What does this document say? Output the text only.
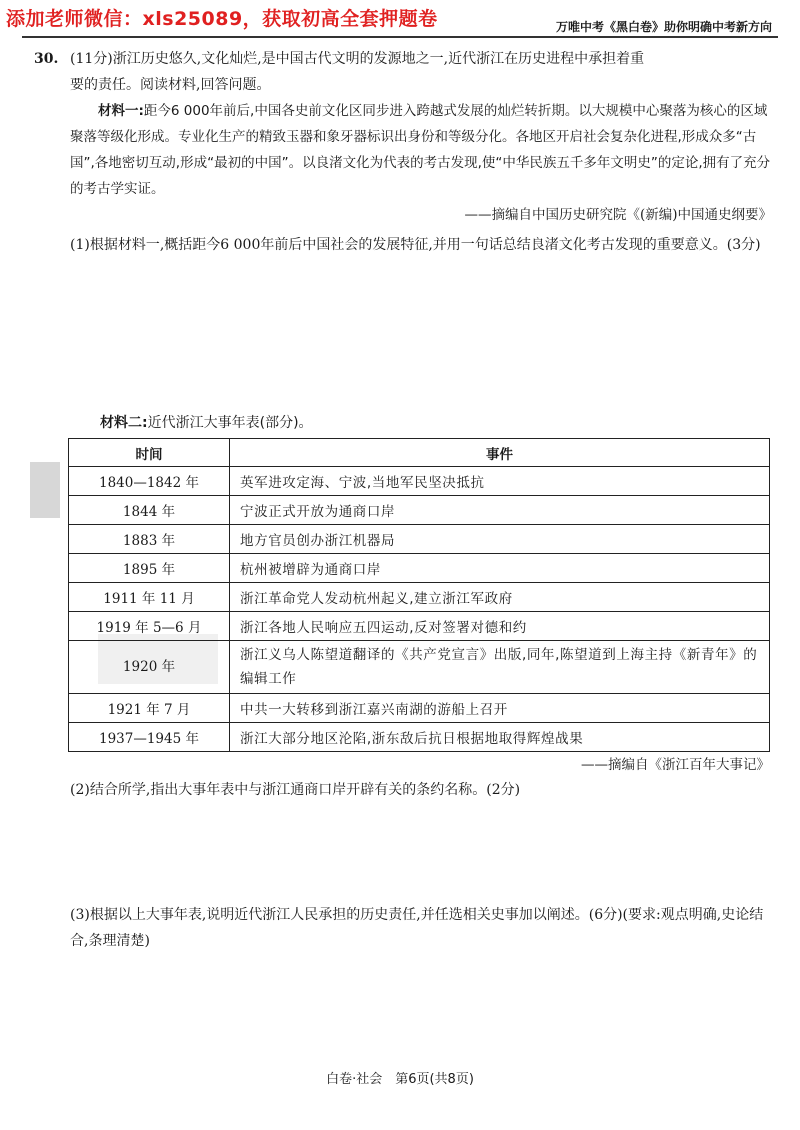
添加老师微信：xls25089，获取初高全套押题卷	万唯中考《黑白卷》助你明确中考新方向
30. (11分)浙江历史悠久,文化灿烂,是中国古代文明的发源地之一,近代浙江在历史进程中承担着重
要的责任。阅读材料,回答问题。
材料一:距今6 000年前后,中国各史前文化区同步进入跨越式发展的灿烂转折期。以大规模中心聚落为核心的区域聚落等级化形成。专业化生产的精致玉器和象牙器标识出身份和等级分化。各地区开启社会复杂化进程,形成众多“古国”,各地密切互动,形成“最初的中国”。以良渚文化为代表的考古发现,使“中华民族五千多年文明史”的定论,拥有了充分的考古学实证。
——摘编自中国历史研究院《(新编)中国通史纲要》
(1)根据材料一,概括距今6 000年前后中国社会的发展特征,并用一句话总结良渚文化考古发现的重要意义。(3分)
材料二:近代浙江大事年表(部分)。
时间	事件
1840—1842 年	英军进攻定海、宁波,当地军民坚决抵抗
1844 年	宁波正式开放为通商口岸
1883 年	地方官员创办浙江机器局
1895 年	杭州被增辟为通商口岸
1911 年 11 月	浙江革命党人发动杭州起义,建立浙江军政府
1919 年 5—6 月	浙江各地人民响应五四运动,反对签署对德和约
1920 年	浙江义乌人陈望道翻译的《共产党宣言》出版,同年,陈望道到上海主持《新青年》的编辑工作
1921 年 7 月	中共一大转移到浙江嘉兴南湖的游船上召开
1937—1945 年	浙江大部分地区沦陷,浙东敌后抗日根据地取得辉煌战果
——摘编自《浙江百年大事记》
(2)结合所学,指出大事年表中与浙江通商口岸开辟有关的条约名称。(2分)
(3)根据以上大事年表,说明近代浙江人民承担的历史责任,并任选相关史事加以阐述。(6分)(要求:观点明确,史论结合,条理清楚)
白卷·社会　第6页(共8页)
